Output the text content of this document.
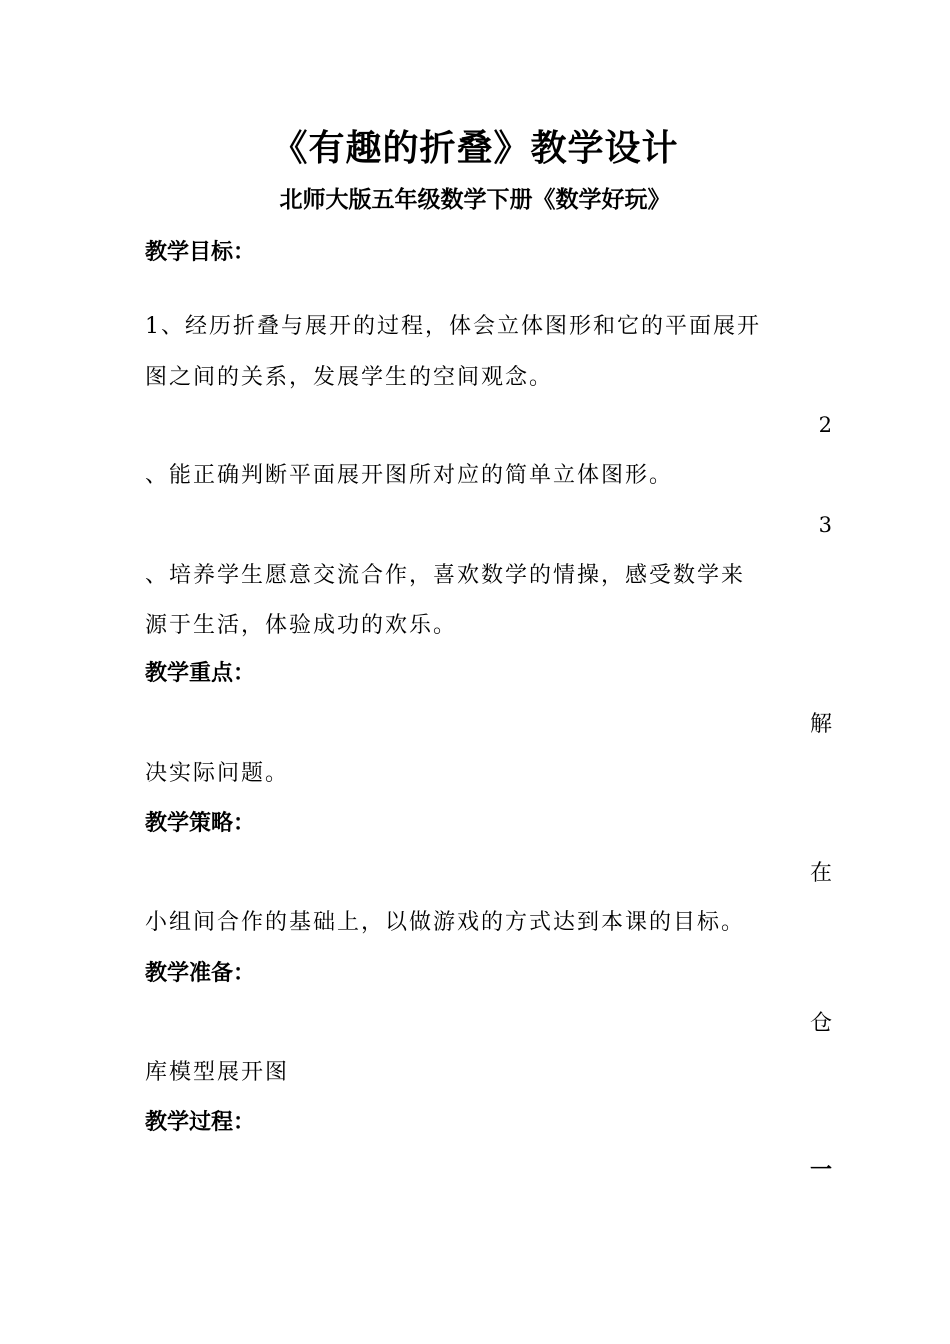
《有趣的折叠》教学设计
北师大版五年级数学下册《数学好玩》
教学目标：
1、经历折叠与展开的过程，体会立体图形和它的平面展开
图之间的关系，发展学生的空间观念。
2
、能正确判断平面展开图所对应的简单立体图形。
3
、培养学生愿意交流合作，喜欢数学的情操，感受数学来
源于生活，体验成功的欢乐。
教学重点：
解
决实际问题。
教学策略：
在
小组间合作的基础上，以做游戏的方式达到本课的目标。
教学准备：
仓
库模型展开图
教学过程：
一
